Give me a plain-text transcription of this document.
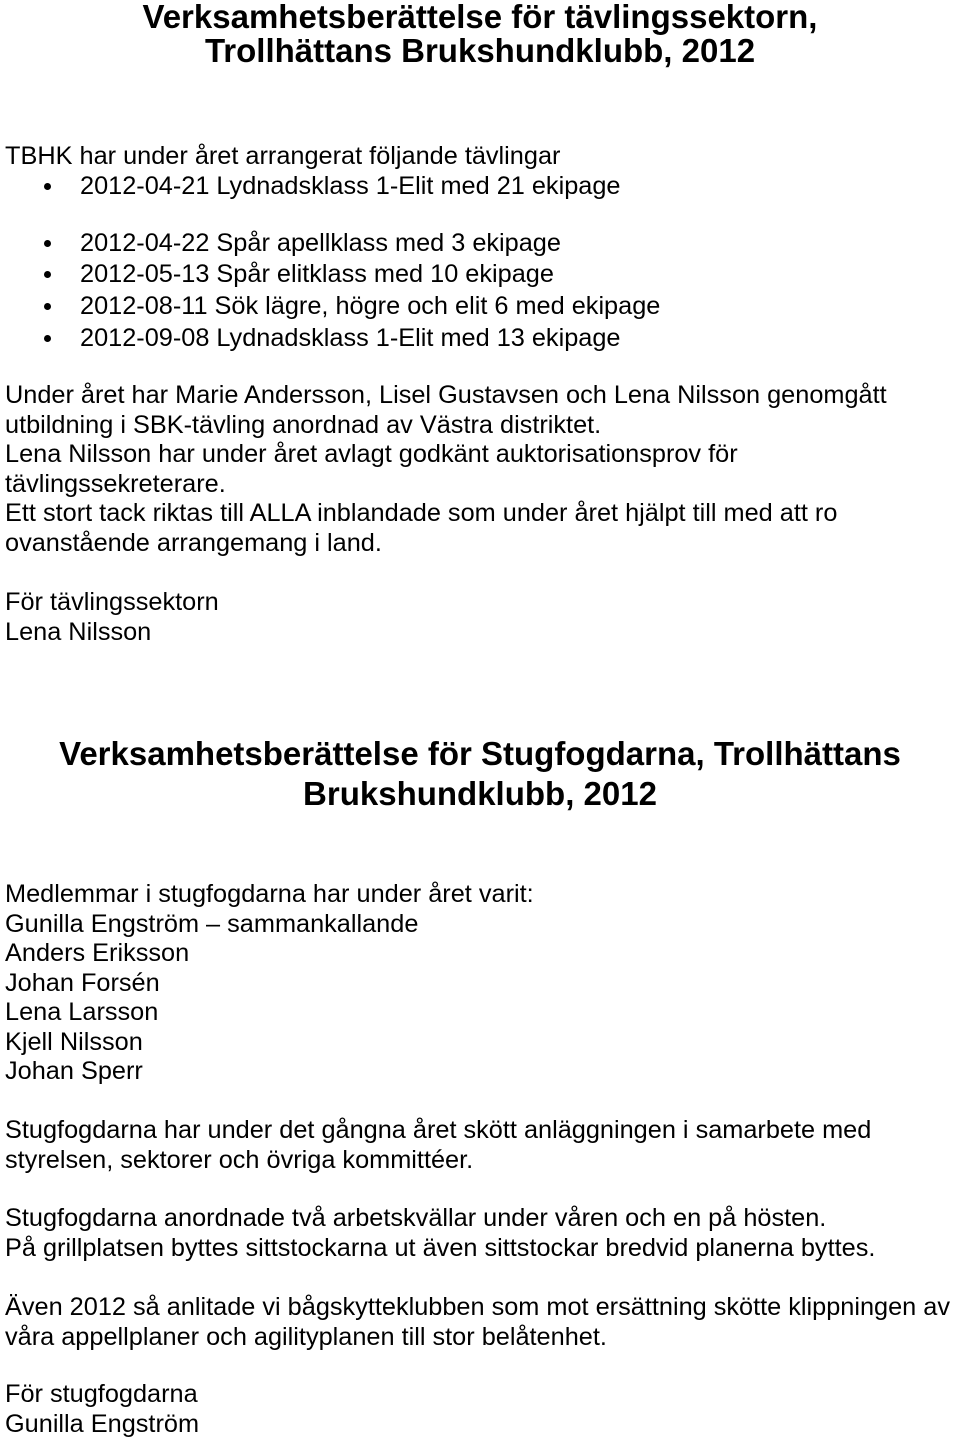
Verksamhetsberättelse för tävlingssektorn,
Trollhättans Brukshundklubb, 2012
TBHK har under året arrangerat följande tävlingar
2012-04-21 Lydnadsklass 1-Elit med 21 ekipage
2012-04-22 Spår apellklass med 3 ekipage
2012-05-13 Spår elitklass med 10 ekipage
2012-08-11 Sök lägre, högre och elit 6 med ekipage
2012-09-08 Lydnadsklass 1-Elit med 13 ekipage
Under året har Marie Andersson, Lisel Gustavsen och Lena Nilsson genomgått
utbildning i SBK-tävling anordnad av Västra distriktet.
Lena Nilsson har under året avlagt godkänt auktorisationsprov för
tävlingssekreterare.
Ett stort tack riktas till ALLA inblandade som under året hjälpt till med att ro
ovanstående arrangemang i land.
För tävlingssektorn
Lena Nilsson
Verksamhetsberättelse för Stugfogdarna, Trollhättans
Brukshundklubb, 2012
Medlemmar i stugfogdarna har under året varit:
Gunilla Engström – sammankallande
Anders Eriksson
Johan Forsén
Lena Larsson
Kjell Nilsson
Johan Sperr
Stugfogdarna har under det gångna året skött anläggningen i samarbete med
styrelsen, sektorer och övriga kommittéer.
Stugfogdarna anordnade två arbetskvällar under våren och en på hösten.
På grillplatsen byttes sittstockarna ut även sittstockar bredvid planerna byttes.
Även 2012 så anlitade vi bågskytteklubben som mot ersättning skötte klippningen av
våra appellplaner och agilityplanen till stor belåtenhet.
För stugfogdarna
Gunilla Engström
